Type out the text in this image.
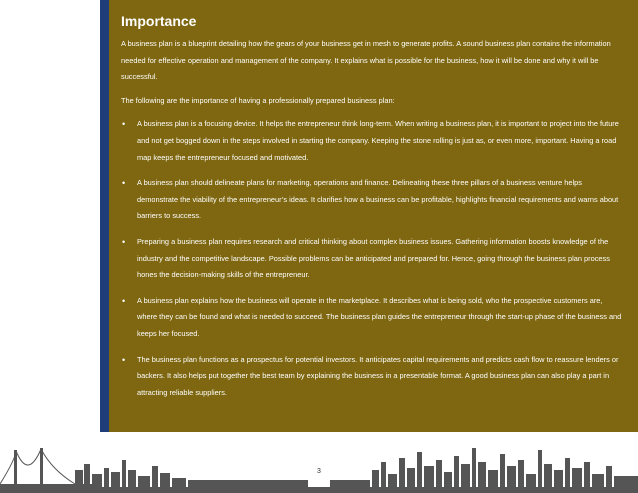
Importance

A business plan is a blueprint detailing how the gears of your business get in mesh to generate profits. A sound business plan contains the information needed for effective operation and management of the company. It explains what is possible for the business, how it will be done and why it will be successful.

The following are the importance of having a professionally prepared business plan:

• A business plan is a focusing device. It helps the entrepreneur think long-term. When writing a business plan, it is important to project into the future and not get bogged down in the steps involved in starting the company. Keeping the stone rolling is just as, or even more, important. Having a road map keeps the entrepreneur focused and motivated.
• A business plan should delineate plans for marketing, operations and finance. Delineating these three pillars of a business venture helps demonstrate the viability of the entrepreneur’s ideas. It clarifies how a business can be profitable, highlights financial requirements and warns about barriers to success.
• Preparing a business plan requires research and critical thinking about complex business issues. Gathering information boosts knowledge of the industry and the competitive landscape. Possible problems can be anticipated and prepared for. Hence, going through the business plan process hones the decision-making skills of the entrepreneur.
• A business plan explains how the business will operate in the marketplace. It describes what is being sold, who the prospective customers are, where they can be found and what is needed to succeed. The business plan guides the entrepreneur through the start-up phase of the business and keeps her focused.
• The business plan functions as a prospectus for potential investors. It anticipates capital requirements and predicts cash flow to reassure lenders or backers. It also helps put together the best team by explaining the business in a presentable format. A good business plan can also play a part in attracting reliable suppliers.
3
